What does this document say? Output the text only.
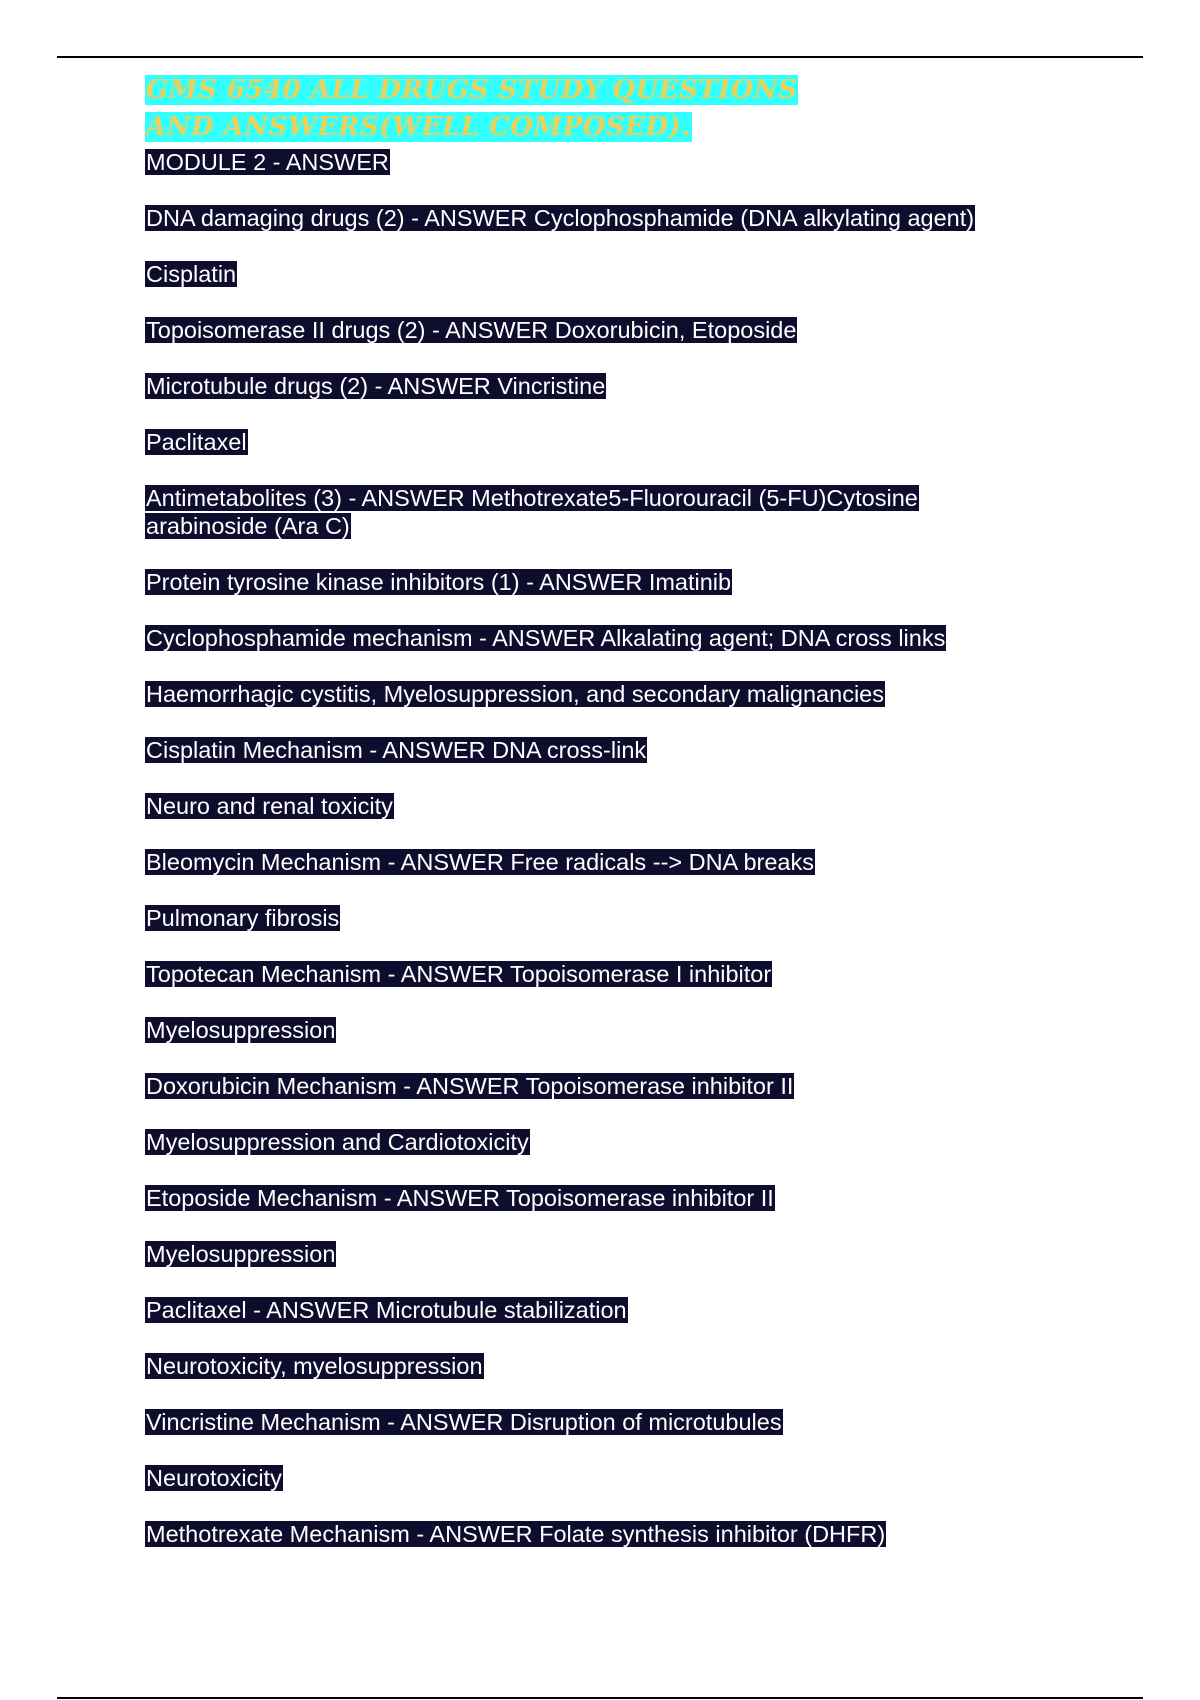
GMS 6540 ALL DRUGS STUDY QUESTIONS AND ANSWERS(WELL COMPOSED).
MODULE 2 - ANSWER
DNA damaging drugs (2) - ANSWER Cyclophosphamide (DNA alkylating agent)
Cisplatin
Topoisomerase II drugs (2) - ANSWER Doxorubicin, Etoposide
Microtubule drugs (2) - ANSWER Vincristine
Paclitaxel
Antimetabolites (3) - ANSWER Methotrexate5-Fluorouracil (5-FU)Cytosine arabinoside (Ara C)
Protein tyrosine kinase inhibitors (1) - ANSWER Imatinib
Cyclophosphamide mechanism - ANSWER Alkalating agent; DNA cross links
Haemorrhagic cystitis, Myelosuppression, and secondary malignancies
Cisplatin Mechanism - ANSWER DNA cross-link
Neuro and renal toxicity
Bleomycin Mechanism - ANSWER Free radicals --> DNA breaks
Pulmonary fibrosis
Topotecan Mechanism - ANSWER Topoisomerase I inhibitor
Myelosuppression
Doxorubicin Mechanism - ANSWER Topoisomerase inhibitor II
Myelosuppression and Cardiotoxicity
Etoposide Mechanism - ANSWER Topoisomerase inhibitor II
Myelosuppression
Paclitaxel - ANSWER Microtubule stabilization
Neurotoxicity, myelosuppression
Vincristine Mechanism - ANSWER Disruption of microtubules
Neurotoxicity
Methotrexate Mechanism - ANSWER Folate synthesis inhibitor (DHFR)
